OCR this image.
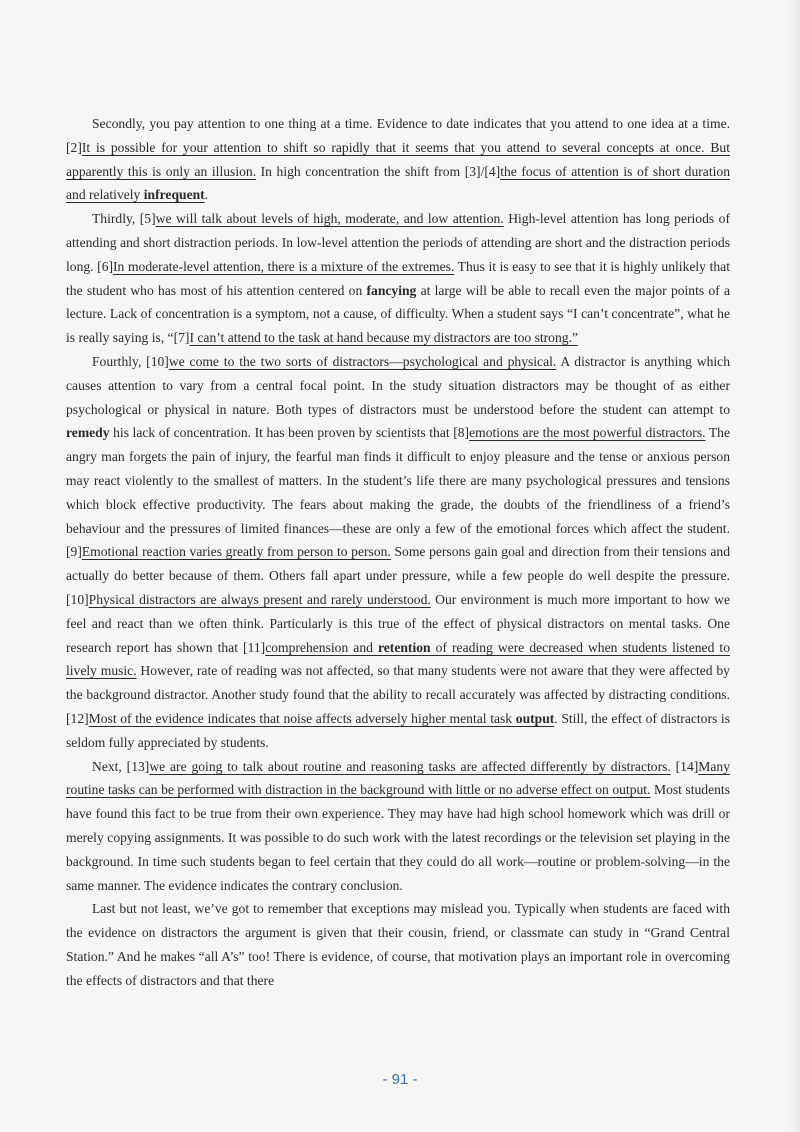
Secondly, you pay attention to one thing at a time. Evidence to date indicates that you attend to one idea at a time. [2]It is possible for your attention to shift so rapidly that it seems that you attend to several concepts at once. But apparently this is only an illusion. In high concentration the shift from [3]/[4]the focus of attention is of short duration and relatively infrequent.

Thirdly, [5]we will talk about levels of high, moderate, and low attention. High-level attention has long periods of attending and short distraction periods. In low-level attention the periods of attending are short and the distraction periods long. [6]In moderate-level attention, there is a mixture of the extremes. Thus it is easy to see that it is highly unlikely that the student who has most of his attention centered on fancying at large will be able to recall even the major points of a lecture. Lack of concentration is a symptom, not a cause, of difficulty. When a student says “I can’t concentrate”, what he is really saying is, “[7]I can’t attend to the task at hand because my distractors are too strong.”

Fourthly, [10]we come to the two sorts of distractors—psychological and physical. A distractor is anything which causes attention to vary from a central focal point. In the study situation distractors may be thought of as either psychological or physical in nature. Both types of distractors must be understood before the student can attempt to remedy his lack of concentration. It has been proven by scientists that [8]emotions are the most powerful distractors. The angry man forgets the pain of injury, the fearful man finds it difficult to enjoy pleasure and the tense or anxious person may react violently to the smallest of matters. In the student’s life there are many psychological pressures and tensions which block effective productivity. The fears about making the grade, the doubts of the friendliness of a friend’s behaviour and the pressures of limited finances—these are only a few of the emotional forces which affect the student. [9]Emotional reaction varies greatly from person to person. Some persons gain goal and direction from their tensions and actually do better because of them. Others fall apart under pressure, while a few people do well despite the pressure. [10]Physical distractors are always present and rarely understood. Our environment is much more important to how we feel and react than we often think. Particularly is this true of the effect of physical distractors on mental tasks. One research report has shown that [11]comprehension and retention of reading were decreased when students listened to lively music. However, rate of reading was not affected, so that many students were not aware that they were affected by the background distractor. Another study found that the ability to recall accurately was affected by distracting conditions. [12]Most of the evidence indicates that noise affects adversely higher mental task output. Still, the effect of distractors is seldom fully appreciated by students.

Next, [13]we are going to talk about routine and reasoning tasks are affected differently by distractors. [14]Many routine tasks can be performed with distraction in the background with little or no adverse effect on output. Most students have found this fact to be true from their own experience. They may have had high school homework which was drill or merely copying assignments. It was possible to do such work with the latest recordings or the television set playing in the background. In time such students began to feel certain that they could do all work—routine or problem-solving—in the same manner. The evidence indicates the contrary conclusion.

Last but not least, we’ve got to remember that exceptions may mislead you. Typically when students are faced with the evidence on distractors the argument is given that their cousin, friend, or classmate can study in “Grand Central Station.” And he makes “all A’s” too! There is evidence, of course, that motivation plays an important role in overcoming the effects of distractors and that there

- 91 -
